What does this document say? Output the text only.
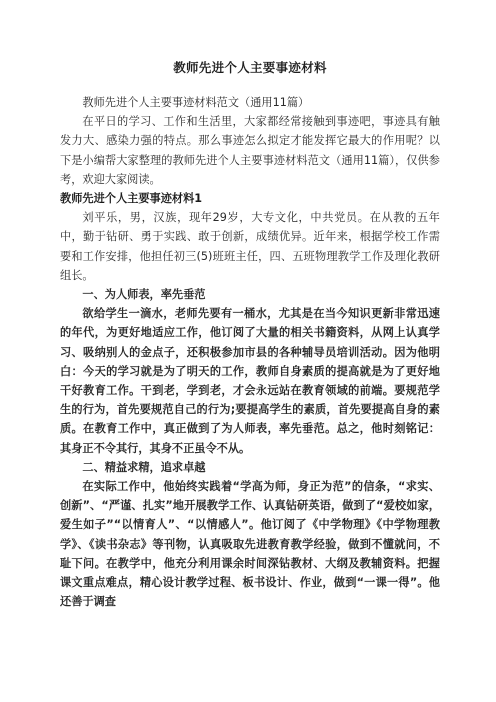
教师先进个人主要事迹材料

教师先进个人主要事迹材料范文（通用11篇）

在平日的学习、工作和生活里，大家都经常接触到事迹吧，事迹具有触发力大、感染力强的特点。那么事迹怎么拟定才能发挥它最大的作用呢？以下是小编帮大家整理的教师先进个人主要事迹材料范文（通用11篇），仅供参考，欢迎大家阅读。

教师先进个人主要事迹材料1

刘平乐，男，汉族，现年29岁，大专文化，中共党员。在从教的五年中，勤于钻研、勇于实践、敢于创新，成绩优异。近年来，根据学校工作需要和工作安排，他担任初三(5)班班主任，四、五班物理教学工作及理化教研组长。

一、为人师表，率先垂范

欲给学生一滴水，老师先要有一桶水，尤其是在当今知识更新非常迅速的年代，为更好地适应工作，他订阅了大量的相关书籍资料，从网上认真学习、吸纳别人的金点子，还积极参加市县的各种辅导员培训活动。因为他明白：今天的学习就是为了明天的工作，教师自身素质的提高就是为了更好地干好教育工作。干到老，学到老，才会永远站在教育领域的前端。要规范学生的行为，首先要规范自己的行为;要提高学生的素质，首先要提高自身的素质。在教育工作中，真正做到了为人师表，率先垂范。总之，他时刻铭记：其身正不令其行，其身不正虽令不从。

二、精益求精，追求卓越

在实际工作中，他始终实践着“学高为师，身正为范”的信条，“求实、创新”、“严谨、扎实”地开展教学工作、认真钻研英语，做到了“爱校如家，爱生如子”“以情育人”、“以情感人”。他订阅了《中学物理》《中学物理教学》、《读书杂志》等刊物，认真吸取先进教育教学经验，做到不懂就问，不耻下问。在教学中，他充分利用课余时间深钻教材、大纲及教辅资料。把握课文重点难点，精心设计教学过程、板书设计、作业，做到“一课一得”。他还善于调查
